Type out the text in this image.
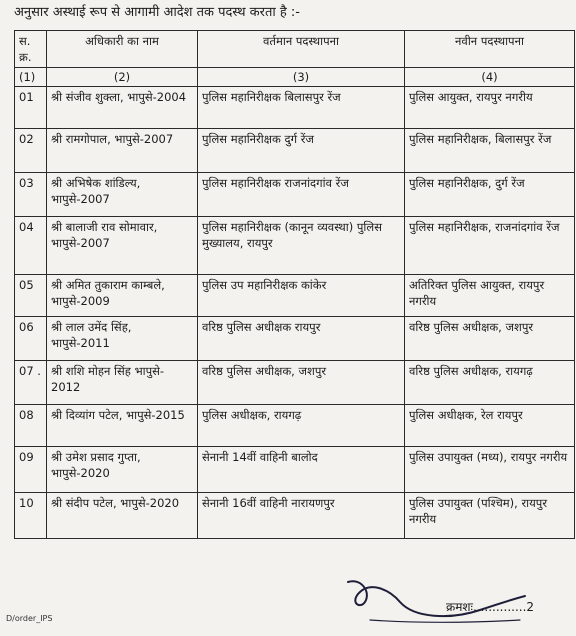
अनुसार अस्थाई रूप से आगामी आदेश तक पदस्थ करता है :-
स. क्र.	अधिकारी का नाम	वर्तमान पदस्थापना	नवीन पदस्थापना
(1)	(2)	(3)	(4)
01	श्री संजीव शुक्ला, भापुसे-2004	पुलिस महानिरीक्षक बिलासपुर रेंज	पुलिस आयुक्त, रायपुर नगरीय
02	श्री रामगोपाल, भापुसे-2007	पुलिस महानिरीक्षक दुर्ग रेंज	पुलिस महानिरीक्षक, बिलासपुर रेंज
03	श्री अभिषेक शांडिल्य, भापुसे-2007	पुलिस महानिरीक्षक राजनांदगांव रेंज	पुलिस महानिरीक्षक, दुर्ग रेंज
04	श्री बालाजी राव सोमावार, भापुसे-2007	पुलिस महानिरीक्षक (कानून व्यवस्था) पुलिस मुख्यालय, रायपुर	पुलिस महानिरीक्षक, राजनांदगांव रेंज
05	श्री अमित तुकाराम काम्बले, भापुसे-2009	पुलिस उप महानिरीक्षक कांकेर	अतिरिक्त पुलिस आयुक्त, रायपुर नगरीय
06	श्री लाल उमेंद सिंह, भापुसे-2011	वरिष्ठ पुलिस अधीक्षक रायपुर	वरिष्ठ पुलिस अधीक्षक, जशपुर
07 .	श्री शशि मोहन सिंह भापुसे- 2012	वरिष्ठ पुलिस अधीक्षक, जशपुर	वरिष्ठ पुलिस अधीक्षक, रायगढ़
08	श्री दिव्यांग पटेल, भापुसे-2015	पुलिस अधीक्षक, रायगढ़	पुलिस अधीक्षक, रेल रायपुर
09	श्री उमेश प्रसाद गुप्ता, भापुसे-2020	सेनानी 14वीं वाहिनी बालोद	पुलिस उपायुक्त (मध्य), रायपुर नगरीय
10	श्री संदीप पटेल, भापुसे-2020	सेनानी 16वीं वाहिनी नारायणपुर	पुलिस उपायुक्त (पश्चिम), रायपुर नगरीय
D/order_IPS
क्रमशः..............2
